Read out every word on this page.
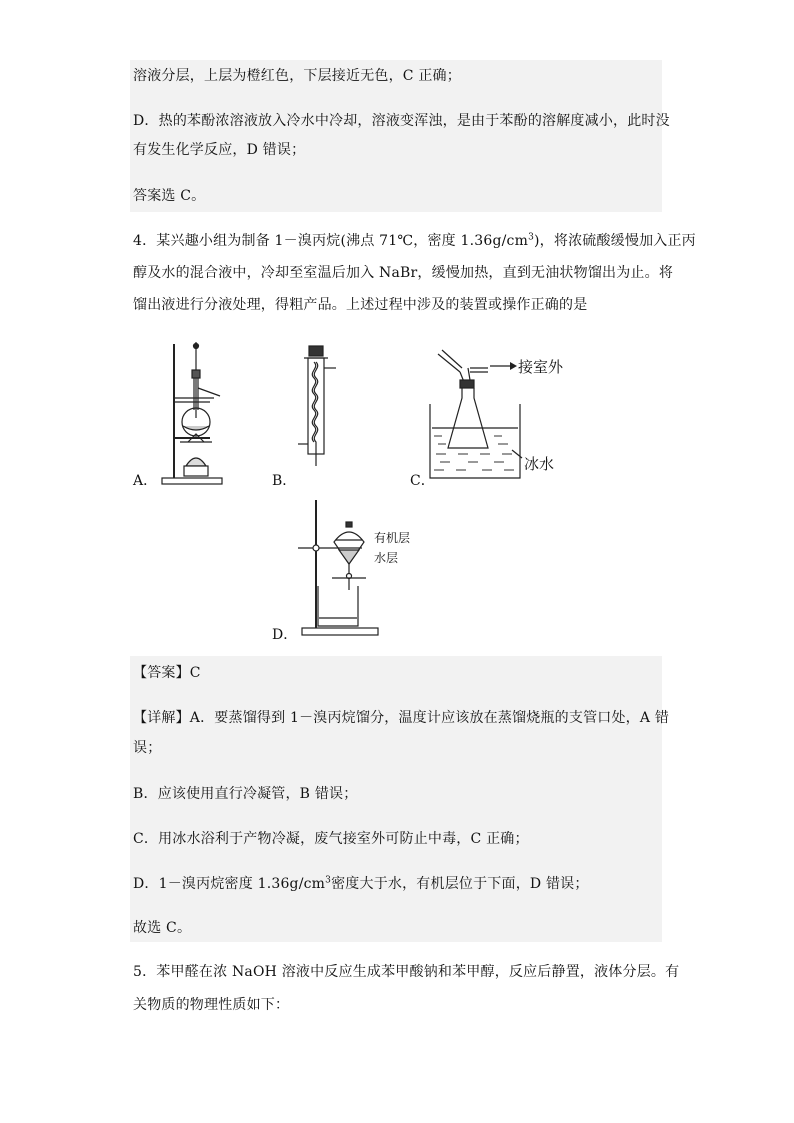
溶液分层，上层为橙红色，下层接近无色，C 正确；
D．热的苯酚浓溶液放入冷水中冷却，溶液变浑浊，是由于苯酚的溶解度减小，此时没
有发生化学反应，D 错误；
答案选 C。
4．某兴趣小组为制备 1－溴丙烷(沸点 71℃，密度 $1.36g/cm^3$)，将浓硫酸缓慢加入正丙
醇及水的混合液中，冷却至室温后加入 NaBr，缓慢加热，直到无油状物馏出为止。将
馏出液进行分液处理，得粗产品。上述过程中涉及的装置或操作正确的是
A．	B．
接室外
冰水
C．
有机层
水层
D．
【答案】C
【详解】A．要蒸馏得到 1－溴丙烷馏分，温度计应该放在蒸馏烧瓶的支管口处，A 错
误；
B．应该使用直行冷凝管，B 错误；
C．用冰水浴利于产物冷凝，废气接室外可防止中毒，C 正确；
D．1－溴丙烷密度 $1.36g/cm^3$密度大于水，有机层位于下面，D 错误；
故选 C。
5．苯甲醛在浓 NaOH 溶液中反应生成苯甲酸钠和苯甲醇，反应后静置，液体分层。有
关物质的物理性质如下：
